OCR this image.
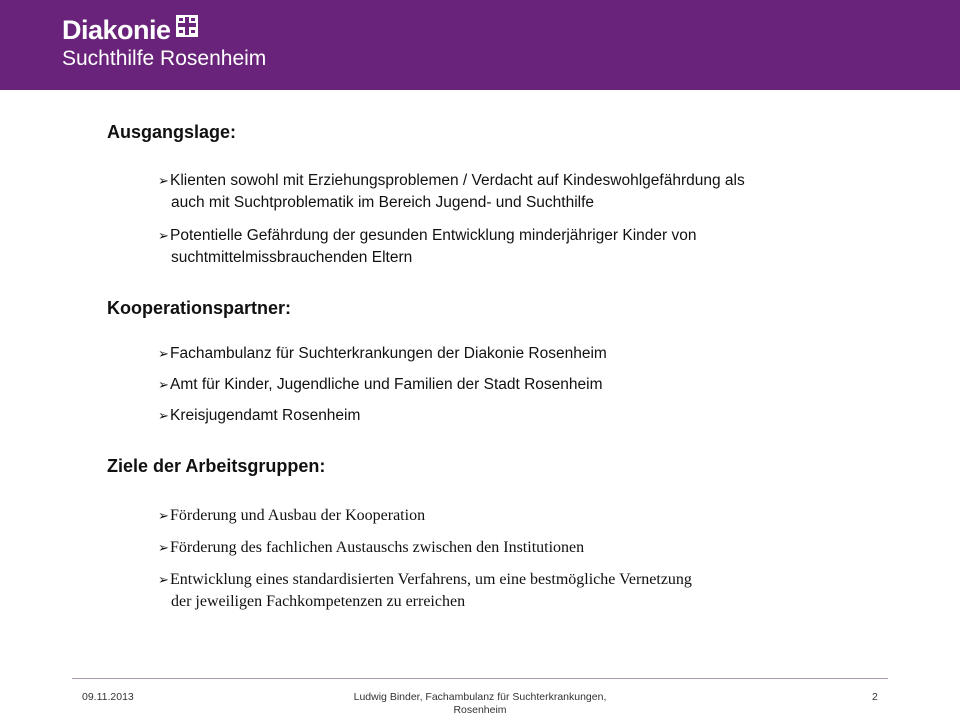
Diakonie
Suchthilfe Rosenheim
Ausgangslage:
➢Klienten sowohl mit Erziehungsproblemen / Verdacht auf Kindeswohlgefährdung als
auch mit Suchtproblematik im Bereich Jugend- und Suchthilfe
➢Potentielle Gefährdung der gesunden Entwicklung minderjähriger Kinder von
suchtmittelmissbrauchenden Eltern
Kooperationspartner:
➢Fachambulanz für Suchterkrankungen der Diakonie Rosenheim
➢Amt für Kinder, Jugendliche und Familien der Stadt Rosenheim
➢Kreisjugendamt Rosenheim
Ziele der Arbeitsgruppen:
➢Förderung und Ausbau der Kooperation
➢Förderung des fachlichen Austauschs zwischen den Institutionen
➢Entwicklung eines standardisierten Verfahrens, um eine bestmögliche Vernetzung
der jeweiligen Fachkompetenzen zu erreichen
09.11.2013	Ludwig Binder, Fachambulanz für Suchterkrankungen, Rosenheim
2
